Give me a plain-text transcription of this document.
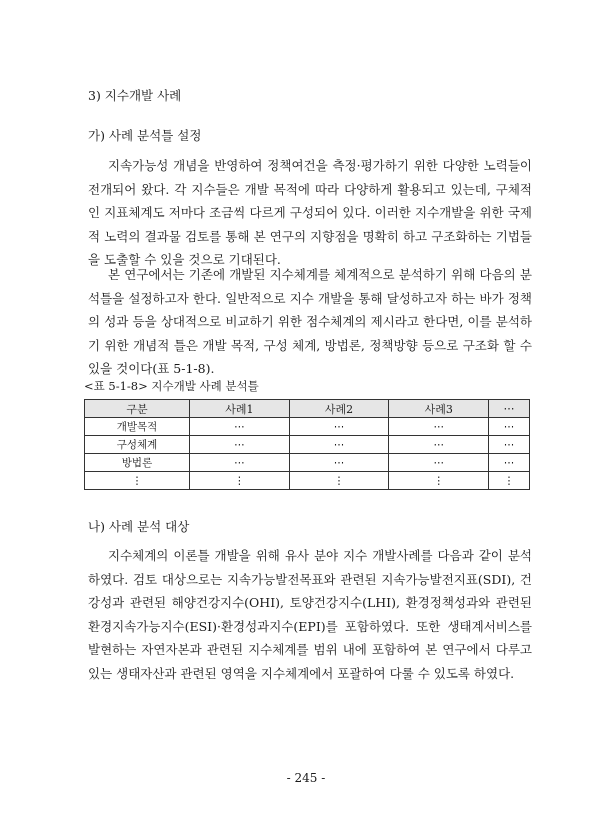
3) 지수개발 사례
가) 사례 분석틀 설정

지속가능성 개념을 반영하여 정책여건을 측정·평가하기 위한 다양한 노력들이 전개되어 왔다. 각 지수들은 개발 목적에 따라 다양하게 활용되고 있는데, 구체적인 지표체계도 저마다 조금씩 다르게 구성되어 있다. 이러한 지수개발을 위한 국제적 노력의 결과물 검토를 통해 본 연구의 지향점을 명확히 하고 구조화하는 기법들을 도출할 수 있을 것으로 기대된다.

본 연구에서는 기존에 개발된 지수체계를 체계적으로 분석하기 위해 다음의 분석틀을 설정하고자 한다. 일반적으로 지수 개발을 통해 달성하고자 하는 바가 정책의 성과 등을 상대적으로 비교하기 위한 점수체계의 제시라고 한다면, 이를 분석하기 위한 개념적 틀은 개발 목적, 구성 체계, 방법론, 정책방향 등으로 구조화 할 수 있을 것이다(표 5-1-8).

<표 5-1-8> 지수개발 사례 분석틀
구분	사례1	사례2	사례3	⋯
개발목적	⋯	⋯	⋯	⋯
구성체계	⋯	⋯	⋯	⋯
방법론	⋯	⋯	⋯	⋯
⋮	⋮	⋮	⋮	⋮
나) 사례 분석 대상

지수체계의 이론틀 개발을 위해 유사 분야 지수 개발사례를 다음과 같이 분석하였다. 검토 대상으로는 지속가능발전목표와 관련된 지속가능발전지표(SDI), 건강성과 관련된 해양건강지수(OHI), 토양건강지수(LHI), 환경정책성과와 관련된 환경지속가능지수(ESI)·환경성과지수(EPI)를 포함하였다. 또한 생태계서비스를 발현하는 자연자본과 관련된 지수체계를 범위 내에 포함하여 본 연구에서 다루고 있는 생태자산과 관련된 영역을 지수체계에서 포괄하여 다룰 수 있도록 하였다.

- 245 -
